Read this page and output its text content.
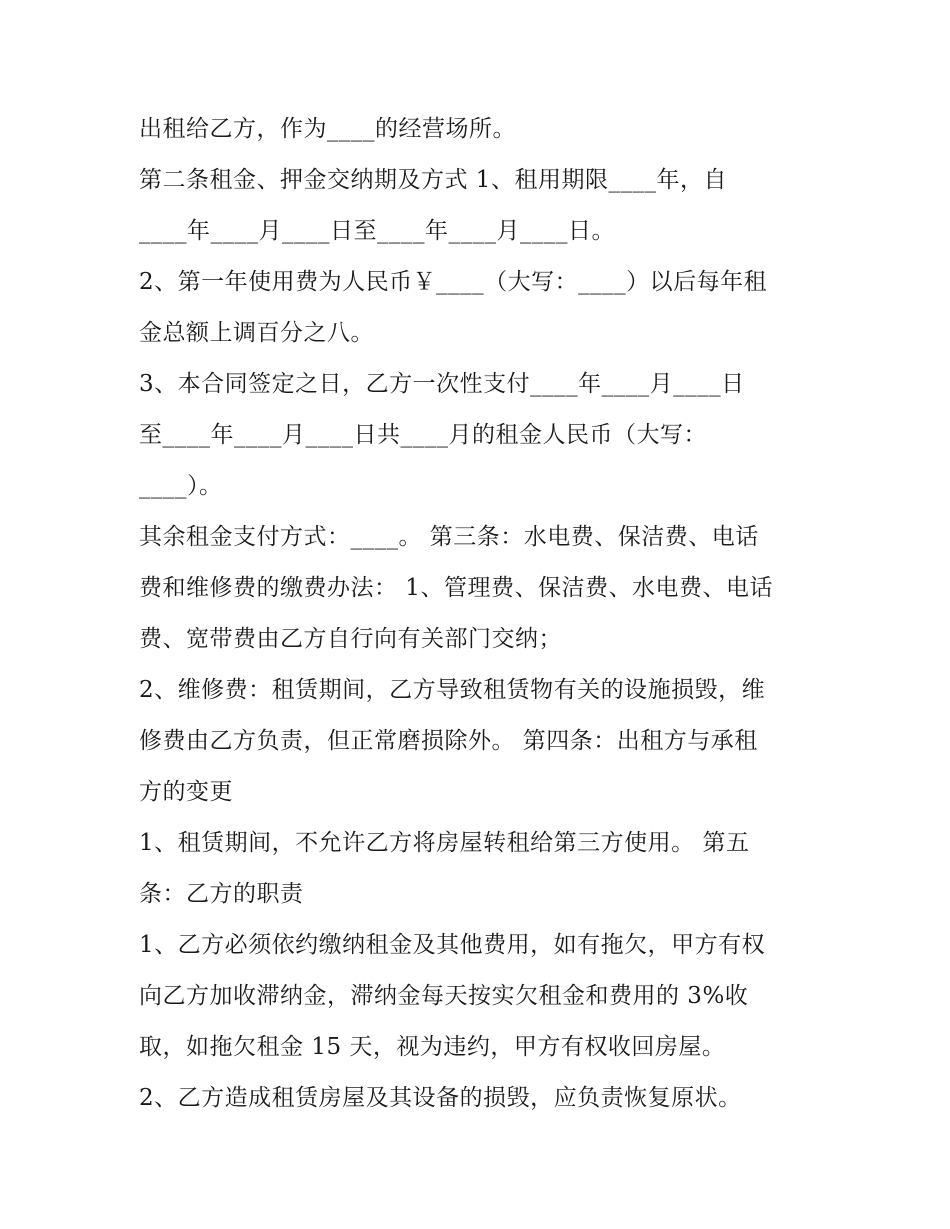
出租给乙方，作为____的经营场所。
第二条租金、押金交纳期及方式 1、租用期限____年，自
____年____月____日至____年____月____日。
2、第一年使用费为人民币￥____（大写：____）以后每年租
金总额上调百分之八。
3、本合同签定之日，乙方一次性支付____年____月____日
至____年____月____日共____月的租金人民币（大写：
____）。
其余租金支付方式：____。 第三条：水电费、保洁费、电话
费和维修费的缴费办法： 1、管理费、保洁费、水电费、电话
费、宽带费由乙方自行向有关部门交纳；
2、维修费：租赁期间，乙方导致租赁物有关的设施损毁，维
修费由乙方负责，但正常磨损除外。 第四条：出租方与承租
方的变更
1、租赁期间，不允许乙方将房屋转租给第三方使用。 第五
条：乙方的职责
1、乙方必须依约缴纳租金及其他费用，如有拖欠，甲方有权
向乙方加收滞纳金，滞纳金每天按实欠租金和费用的 3%收
取，如拖欠租金 15 天，视为违约，甲方有权收回房屋。
2、乙方造成租赁房屋及其设备的损毁，应负责恢复原状。
